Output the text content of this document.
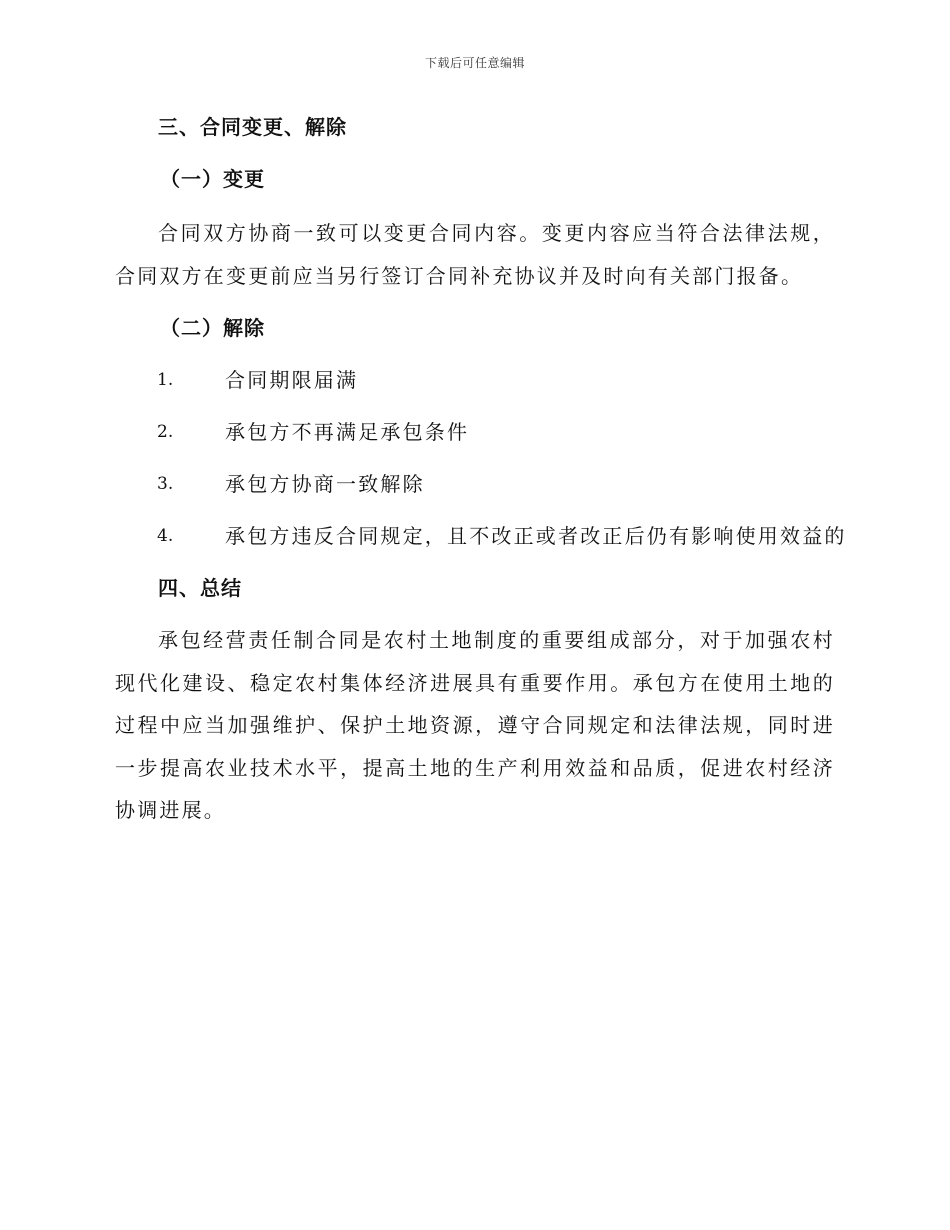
下载后可任意编辑
三、合同变更、解除
（一）变更

合同双方协商一致可以变更合同内容。变更内容应当符合法律法规，合同双方在变更前应当另行签订合同补充协议并及时向有关部门报备。

（二）解除
1.	合同期限届满
2.	承包方不再满足承包条件
3.	承包方协商一致解除
4.	承包方违反合同规定，且不改正或者改正后仍有影响使用效益的
四、总结

承包经营责任制合同是农村土地制度的重要组成部分，对于加强农村现代化建设、稳定农村集体经济进展具有重要作用。承包方在使用土地的过程中应当加强维护、保护土地资源，遵守合同规定和法律法规，同时进一步提高农业技术水平，提高土地的生产利用效益和品质，促进农村经济协调进展。
